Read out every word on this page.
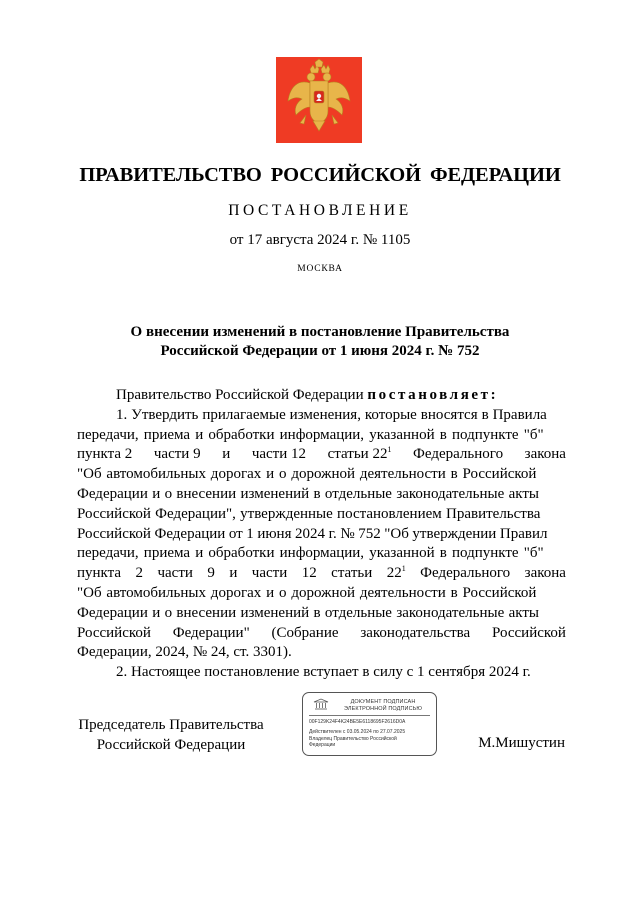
ПРАВИТЕЛЬСТВО РОССИЙСКОЙ ФЕДЕРАЦИИ
ПОСТАНОВЛЕНИЕ
от 17 августа 2024 г. № 1105
МОСКВА
О внесении изменений в постановление Правительства
Российской Федерации от 1 июня 2024 г. № 752
Правительство Российской Федерации постановляет:
1. Утвердить прилагаемые изменения, которые вносятся в Правила
передачи, приема и обработки информации, указанной в подпункте "б"
пункта 2 части 9 и части 12 статьи $22^1$ Федерального закона
"Об автомобильных дорогах и о дорожной деятельности в Российской
Федерации и о внесении изменений в отдельные законодательные акты
Российской Федерации", утвержденные постановлением Правительства
Российской Федерации от 1 июня 2024 г. № 752 "Об утверждении Правил
передачи, приема и обработки информации, указанной в подпункте "б"
пункта 2 части 9 и части 12 статьи $22^1$ Федерального закона
"Об автомобильных дорогах и о дорожной деятельности в Российской
Федерации и о внесении изменений в отдельные законодательные акты
Российской Федерации" (Собрание законодательства Российской
Федерации, 2024, № 24, ст. 3301).
2. Настоящее постановление вступает в силу с 1 сентября 2024 г.
Председатель Правительства
Российской Федерации
ДОКУМЕНТ ПОДПИСАН
ЭЛЕКТРОННОЙ ПОДПИСЬЮ
00F129K24F4K24BE5E6118695F2616D0A
Действителен с 03.05.2024 по 27.07.2025
Владелец Правительство Российской
Федерации	М.Мишустин
